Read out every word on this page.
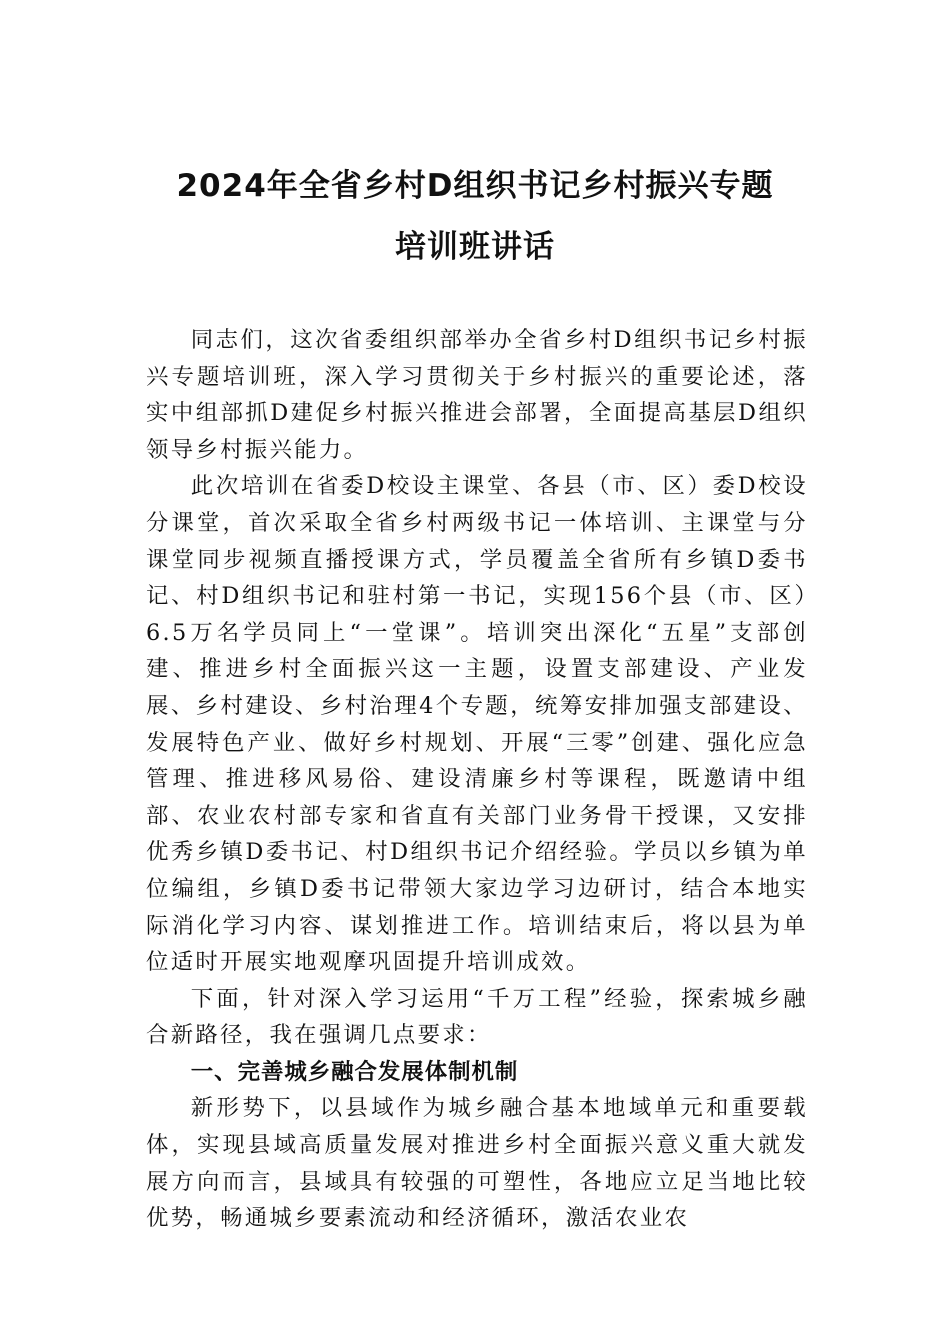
2024年全省乡村D组织书记乡村振兴专题
培训班讲话

同志们，这次省委组织部举办全省乡村D组织书记乡村振兴专题培训班，深入学习贯彻关于乡村振兴的重要论述，落实中组部抓D建促乡村振兴推进会部署，全面提高基层D组织领导乡村振兴能力。

此次培训在省委D校设主课堂、各县（市、区）委D校设分课堂，首次采取全省乡村两级书记一体培训、主课堂与分课堂同步视频直播授课方式，学员覆盖全省所有乡镇D委书记、村D组织书记和驻村第一书记，实现156个县（市、区）6.5万名学员同上“一堂课”。培训突出深化“五星”支部创建、推进乡村全面振兴这一主题，设置支部建设、产业发展、乡村建设、乡村治理4个专题，统筹安排加强支部建设、发展特色产业、做好乡村规划、开展“三零”创建、强化应急管理、推进移风易俗、建设清廉乡村等课程，既邀请中组部、农业农村部专家和省直有关部门业务骨干授课，又安排优秀乡镇D委书记、村D组织书记介绍经验。学员以乡镇为单位编组，乡镇D委书记带领大家边学习边研讨，结合本地实际消化学习内容、谋划推进工作。培训结束后，将以县为单位适时开展实地观摩巩固提升培训成效。

下面，针对深入学习运用“千万工程”经验，探索城乡融合新路径，我在强调几点要求：

一、完善城乡融合发展体制机制

新形势下，以县域作为城乡融合基本地域单元和重要载体，实现县域高质量发展对推进乡村全面振兴意义重大就发展方向而言，县域具有较强的可塑性，各地应立足当地比较优势，畅通城乡要素流动和经济循环，激活农业农
